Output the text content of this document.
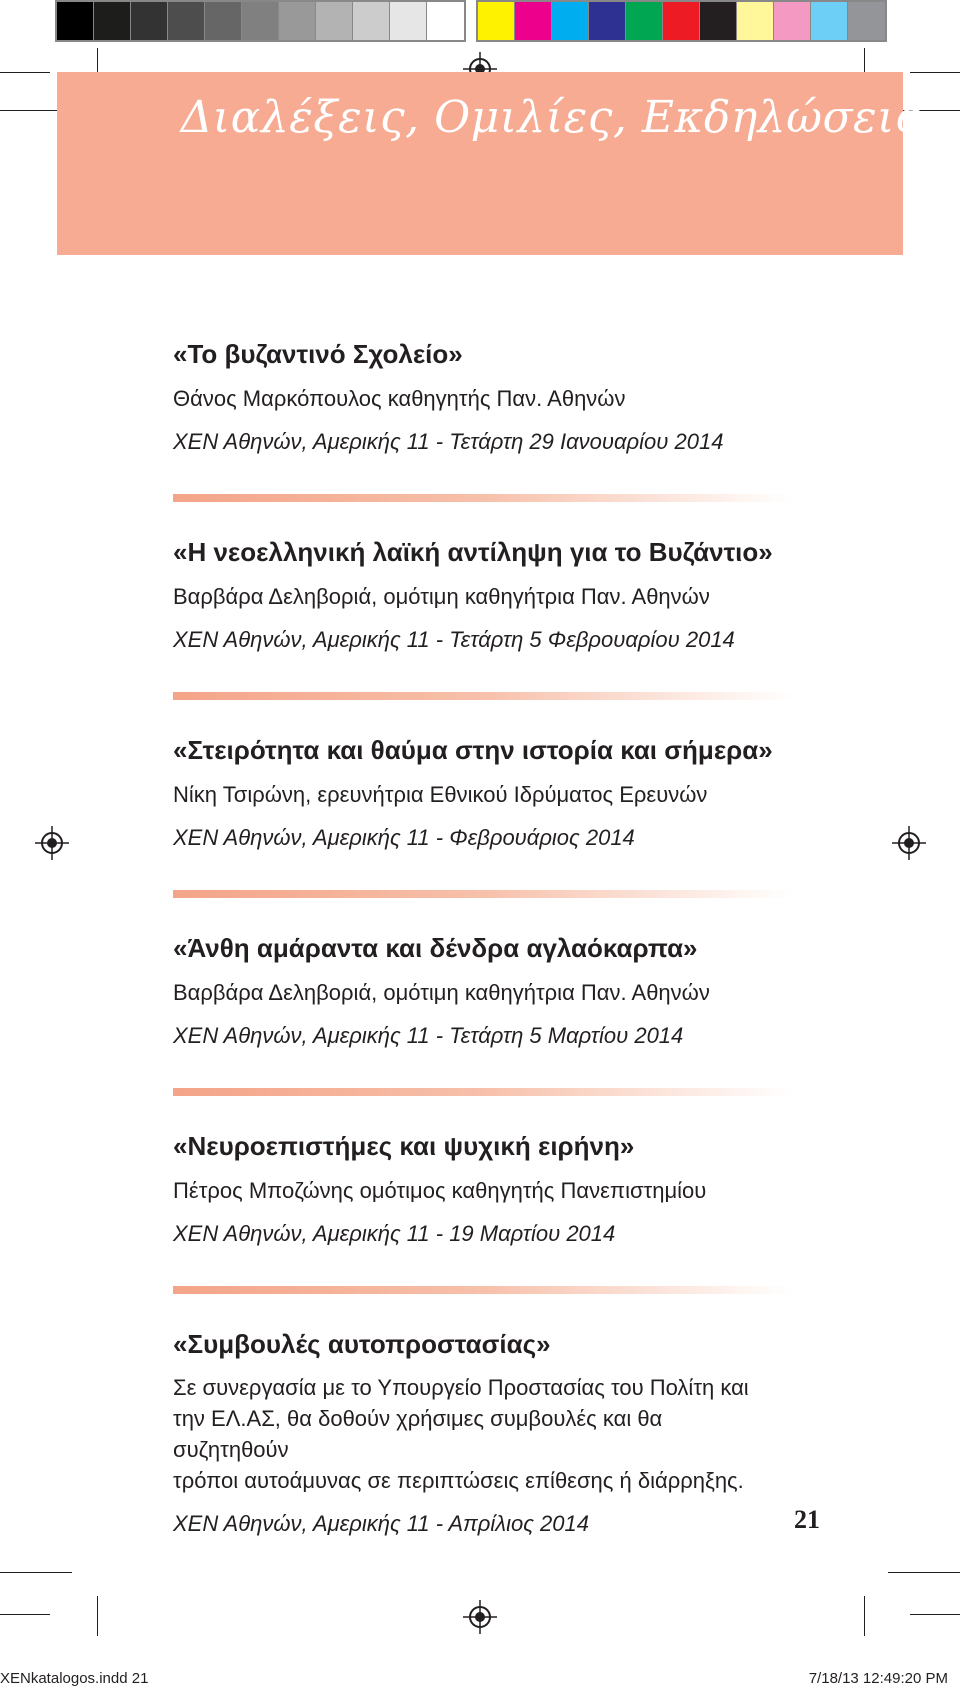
Διαλέξεις, Ομιλίες, Εκδηλώσεις

«Το βυζαντινό Σχολείο»

Θάνος Μαρκόπουλος καθηγητής Παν. Αθηνών

ΧΕΝ Αθηνών, Αμερικής 11 - Τετάρτη 29 Ιανουαρίου 2014

«Η νεοελληνική λαϊκή αντίληψη για το Βυζάντιο»

Βαρβάρα Δεληβοριά, ομότιμη καθηγήτρια Παν. Αθηνών

ΧΕΝ Αθηνών, Αμερικής 11 - Τετάρτη 5 Φεβρουαρίου 2014

«Στειρότητα και θαύμα στην ιστορία και σήμερα»

Νίκη Τσιρώνη, ερευνήτρια Εθνικού Ιδρύματος Ερευνών

ΧΕΝ Αθηνών, Αμερικής 11 - Φεβρουάριος 2014

«Άνθη αμάραντα και δένδρα αγλαόκαρπα»

Βαρβάρα Δεληβοριά, ομότιμη καθηγήτρια Παν. Αθηνών

ΧΕΝ Αθηνών, Αμερικής 11 - Τετάρτη 5 Μαρτίου 2014

«Νευροεπιστήμες και ψυχική ειρήνη»

Πέτρος Μποζώνης ομότιμος καθηγητής Πανεπιστημίου

ΧΕΝ Αθηνών, Αμερικής 11 - 19 Μαρτίου 2014

«Συμβουλές αυτοπροστασίας»

Σε συνεργασία με το Υπουργείο Προστασίας του Πολίτη και
την ΕΛ.ΑΣ, θα δοθούν χρήσιμες συμβουλές και θα συζητηθούν
τρόποι αυτοάμυνας σε περιπτώσεις επίθεσης ή διάρρηξης.

ΧΕΝ Αθηνών, Αμερικής 11 - Απρίλιος 2014	21
XENkatalogos.indd 21	7/18/13 12:49:20 PM
